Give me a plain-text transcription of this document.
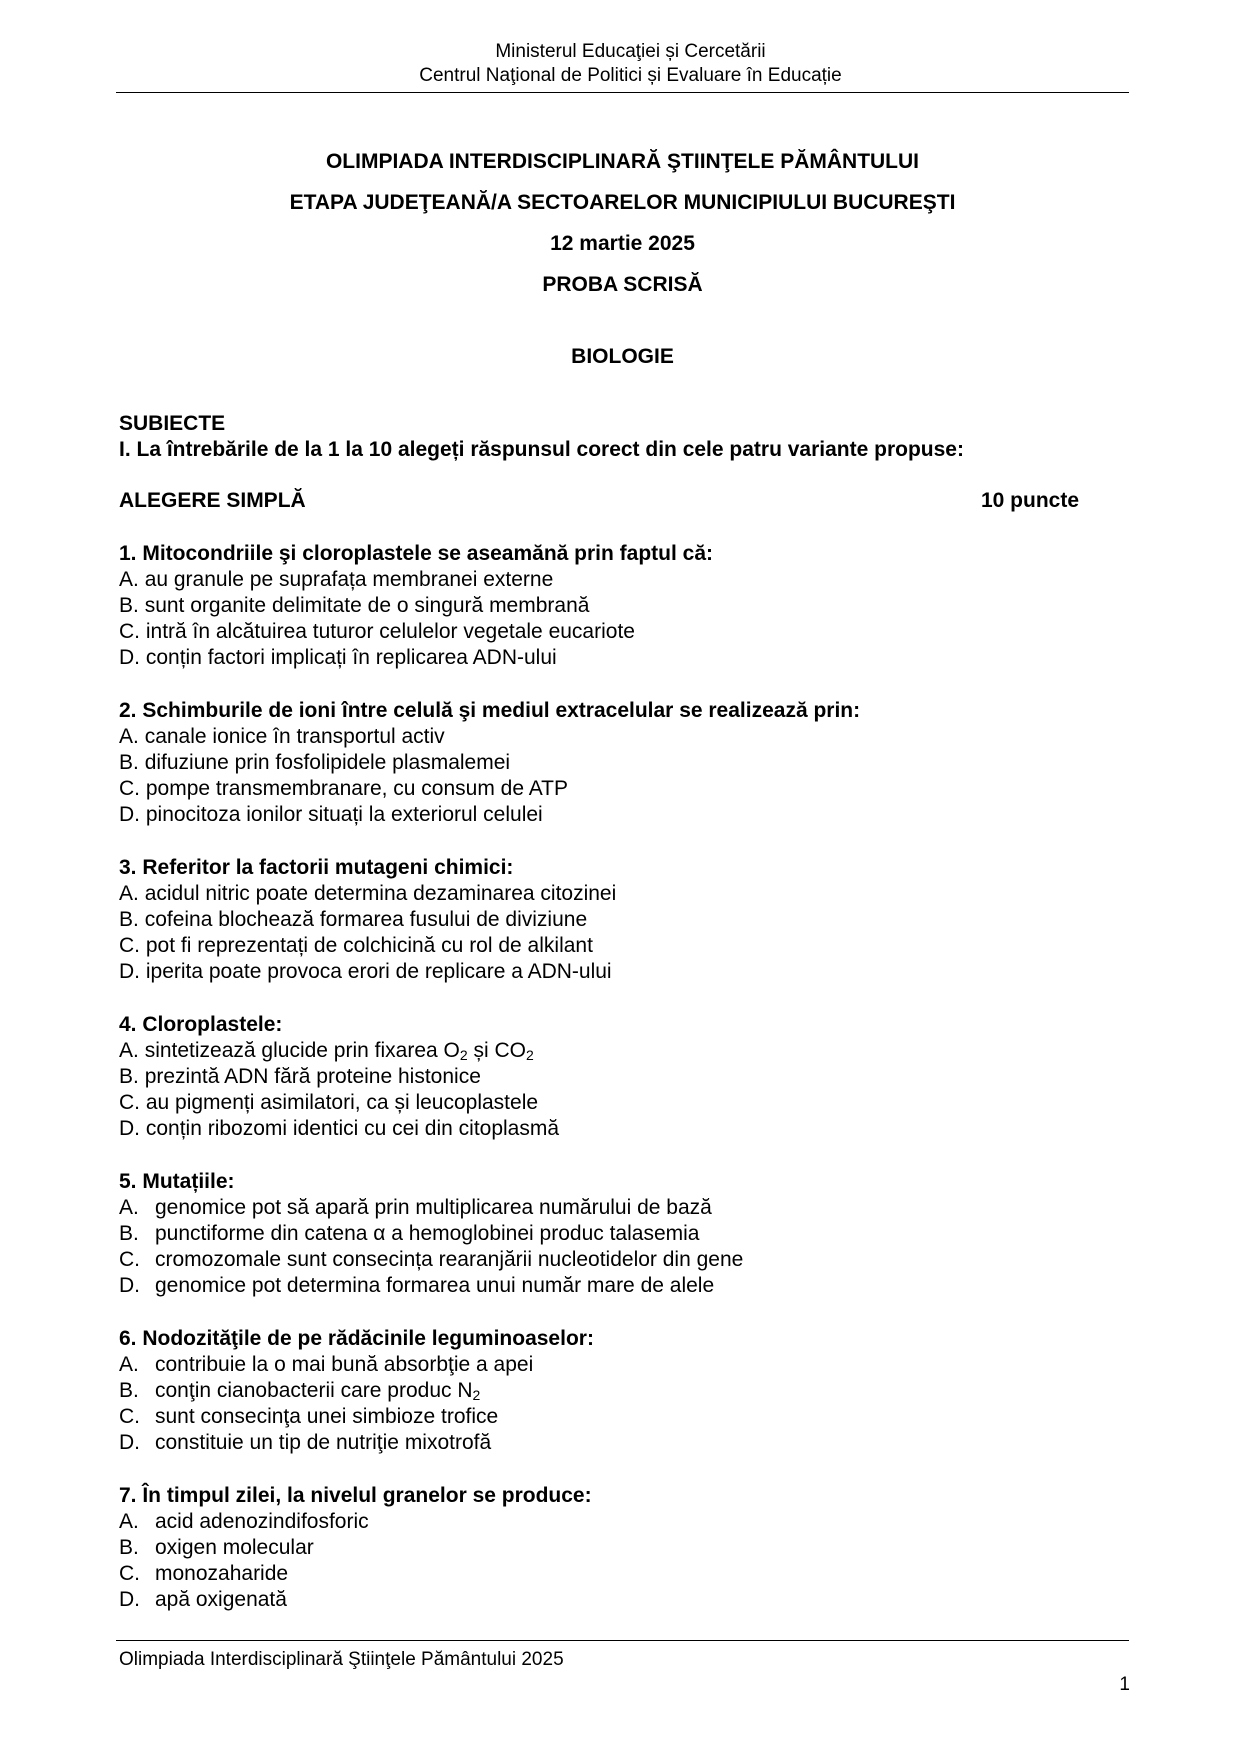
Ministerul Educaţiei și Cercetării
Centrul Naţional de Politici și Evaluare în Educație
OLIMPIADA INTERDISCIPLINARĂ ŞTIINŢELE PĂMÂNTULUI
ETAPA JUDEŢEANĂ/A SECTOARELOR MUNICIPIULUI BUCUREŞTI
12 martie 2025
PROBA SCRISĂ
BIOLOGIE
SUBIECTE
I. La întrebările de la 1 la 10 alegeți răspunsul corect din cele patru variante propuse:
ALEGERE SIMPLĂ	10 puncte
1. Mitocondriile şi cloroplastele se aseamănă prin faptul că:
A. au granule pe suprafața membranei externe
B. sunt organite delimitate de o singură membrană
C. intră în alcătuirea tuturor celulelor vegetale eucariote
D. conțin factori implicați în replicarea ADN-ului
2. Schimburile de ioni între celulă şi mediul extracelular se realizează prin:
A. canale ionice în transportul activ
B. difuziune prin fosfolipidele plasmalemei
C. pompe transmembranare, cu consum de ATP
D. pinocitoza ionilor situați la exteriorul celulei
3. Referitor la factorii mutageni chimici:
A. acidul nitric poate determina dezaminarea citozinei
B. cofeina blochează formarea fusului de diviziune
C. pot fi reprezentați de colchicină cu rol de alkilant
D. iperita poate provoca erori de replicare a ADN-ului
4. Cloroplastele:
A. sintetizează glucide prin fixarea $O_2$ și $CO_2$
B. prezintă ADN fără proteine histonice
C. au pigmenți asimilatori, ca și leucoplastele
D. conțin ribozomi identici cu cei din citoplasmă
5. Mutațiile:
A. genomice pot să apară prin multiplicarea numărului de bază
B. punctiforme din catena α a hemoglobinei produc talasemia
C. cromozomale sunt consecința rearanjării nucleotidelor din gene
D. genomice pot determina formarea unui număr mare de alele
6. Nodozităţile de pe rădăcinile leguminoaselor:
A. contribuie la o mai bună absorbţie a apei
B. conţin cianobacterii care produc $N_2$
C. sunt consecinţa unei simbioze trofice
D. constituie un tip de nutriţie mixotrofă
7. În timpul zilei, la nivelul granelor se produce:
A. acid adenozindifosforic
B. oxigen molecular
C. monozaharide
D. apă oxigenată
Olimpiada Interdisciplinară Ştiinţele Pământului 2025
1
